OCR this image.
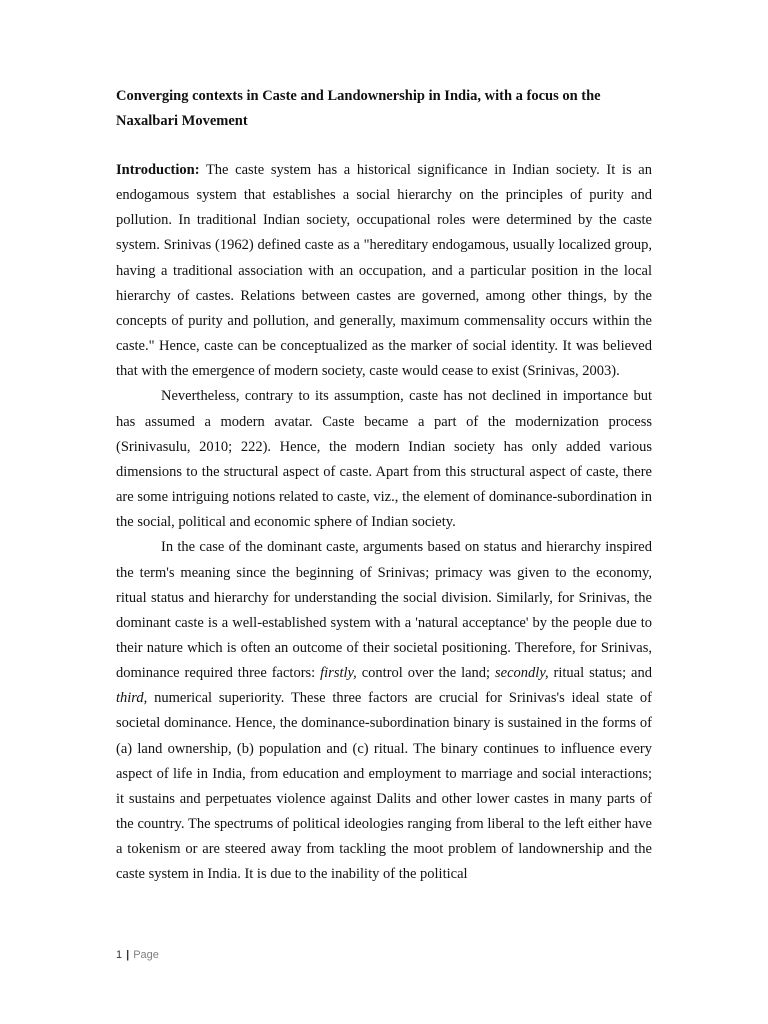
Converging contexts in Caste and Landownership in India, with a focus on the Naxalbari Movement

Introduction: The caste system has a historical significance in Indian society. It is an endogamous system that establishes a social hierarchy on the principles of purity and pollution. In traditional Indian society, occupational roles were determined by the caste system. Srinivas (1962) defined caste as a "hereditary endogamous, usually localized group, having a traditional association with an occupation, and a particular position in the local hierarchy of castes. Relations between castes are governed, among other things, by the concepts of purity and pollution, and generally, maximum commensality occurs within the caste." Hence, caste can be conceptualized as the marker of social identity. It was believed that with the emergence of modern society, caste would cease to exist (Srinivas, 2003).

Nevertheless, contrary to its assumption, caste has not declined in importance but has assumed a modern avatar. Caste became a part of the modernization process (Srinivasulu, 2010; 222). Hence, the modern Indian society has only added various dimensions to the structural aspect of caste. Apart from this structural aspect of caste, there are some intriguing notions related to caste, viz., the element of dominance-subordination in the social, political and economic sphere of Indian society.

In the case of the dominant caste, arguments based on status and hierarchy inspired the term's meaning since the beginning of Srinivas; primacy was given to the economy, ritual status and hierarchy for understanding the social division. Similarly, for Srinivas, the dominant caste is a well-established system with a 'natural acceptance' by the people due to their nature which is often an outcome of their societal positioning. Therefore, for Srinivas, dominance required three factors: firstly, control over the land; secondly, ritual status; and third, numerical superiority. These three factors are crucial for Srinivas's ideal state of societal dominance. Hence, the dominance-subordination binary is sustained in the forms of (a) land ownership, (b) population and (c) ritual. The binary continues to influence every aspect of life in India, from education and employment to marriage and social interactions; it sustains and perpetuates violence against Dalits and other lower castes in many parts of the country. The spectrums of political ideologies ranging from liberal to the left either have a tokenism or are steered away from tackling the moot problem of landownership and the caste system in India. It is due to the inability of the political

1 | Page
